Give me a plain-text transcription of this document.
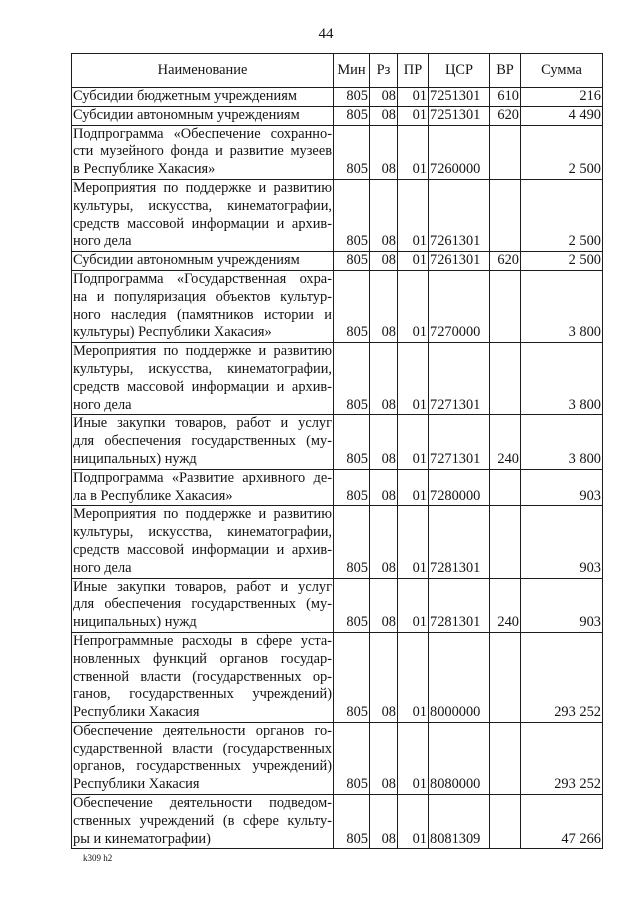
44
Наименование	Мин	Рз	ПР	ЦСР	ВР	Сумма

Субсидии бюджетным учреждениям	805	08	01	7251301	610	216

Субсидии автономным учреждениям	805	08	01	7251301	620	4 490

Подпрограмма «Обеспечение сохранно-
сти музейного фонда и развитие музеев
в Республике Хакасия»	805	08	01	7260000		2 500

Мероприятия по поддержке и развитию
культуры, искусства, кинематографии,
средств массовой информации и архив-
ного дела	805	08	01	7261301		2 500

Субсидии автономным учреждениям	805	08	01	7261301	620	2 500

Подпрограмма «Государственная охра-
на и популяризация объектов культур-
ного наследия (памятников истории и
культуры) Республики Хакасия»	805	08	01	7270000		3 800

Мероприятия по поддержке и развитию
культуры, искусства, кинематографии,
средств массовой информации и архив-
ного дела	805	08	01	7271301		3 800

Иные закупки товаров, работ и услуг
для обеспечения государственных (му-
ниципальных) нужд	805	08	01	7271301	240	3 800

Подпрограмма «Развитие архивного де-
ла в Республике Хакасия»	805	08	01	7280000		903

Мероприятия по поддержке и развитию
культуры, искусства, кинематографии,
средств массовой информации и архив-
ного дела	805	08	01	7281301		903

Иные закупки товаров, работ и услуг
для обеспечения государственных (му-
ниципальных) нужд	805	08	01	7281301	240	903

Непрограммные расходы в сфере уста-
новленных функций органов государ-
ственной власти (государственных ор-
ганов, государственных учреждений)
Республики Хакасия	805	08	01	8000000		293 252

Обеспечение деятельности органов го-
сударственной власти (государственных
органов, государственных учреждений)
Республики Хакасия	805	08	01	8080000		293 252

Обеспечение деятельности подведом-
ственных учреждений (в сфере культу-
ры и кинематографии)	805	08	01	8081309		47 266
k309 h2
